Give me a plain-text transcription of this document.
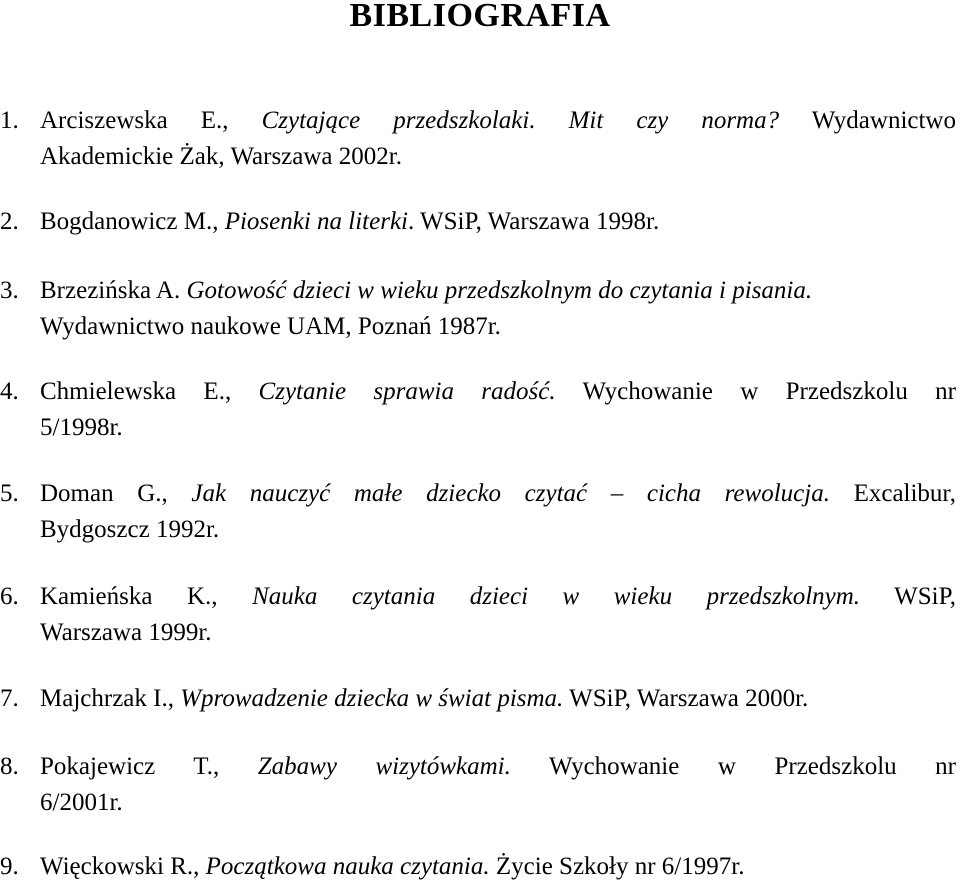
BIBLIOGRAFIA
1. Arciszewska E., Czytające przedszkolaki. Mit czy norma? Wydawnictwo
Akademickie Żak, Warszawa 2002r.
2. Bogdanowicz M., Piosenki na literki. WSiP, Warszawa 1998r.
3. Brzezińska A. Gotowość dzieci w wieku przedszkolnym do czytania i pisania.
Wydawnictwo naukowe UAM, Poznań 1987r.
4. Chmielewska E., Czytanie sprawia radość. Wychowanie w Przedszkolu nr
5/1998r.
5. Doman G., Jak nauczyć małe dziecko czytać – cicha rewolucja. Excalibur,
Bydgoszcz 1992r.
6. Kamieńska K., Nauka czytania dzieci w wieku przedszkolnym. WSiP,
Warszawa 1999r.
7. Majchrzak I., Wprowadzenie dziecka w świat pisma. WSiP, Warszawa 2000r.
8. Pokajewicz T., Zabawy wizytówkami. Wychowanie w Przedszkolu nr
6/2001r.
9. Więckowski R., Początkowa nauka czytania. Życie Szkoły nr 6/1997r.
